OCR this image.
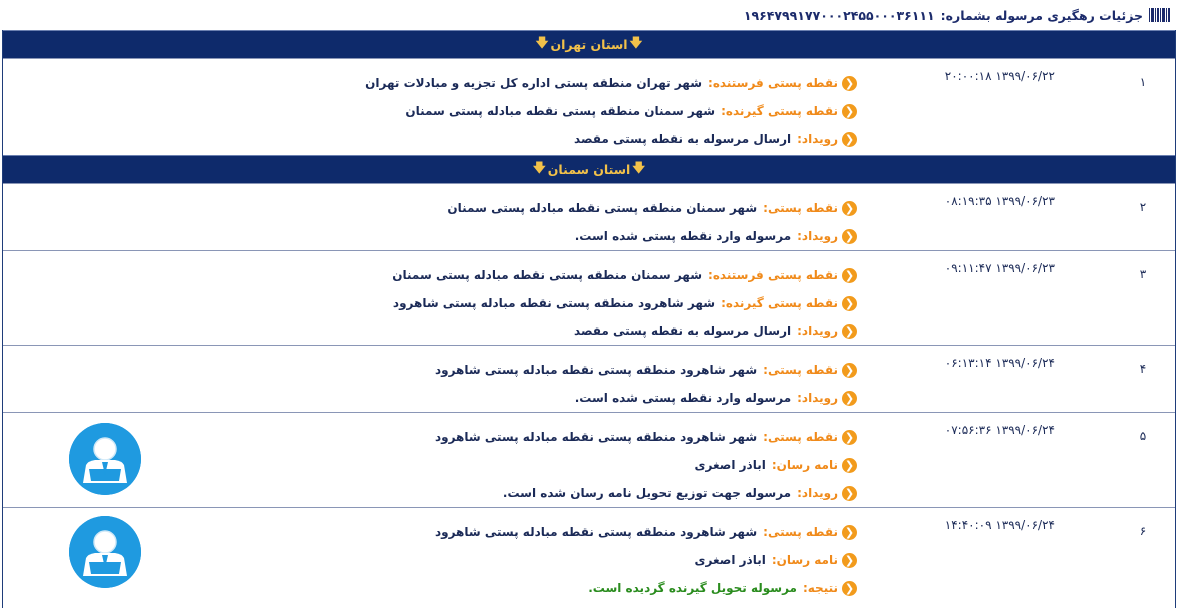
جزئیات رهگیری مرسوله بشماره:
۱۹۶۴۷۹۹۱۷۷۰۰۰۲۴۵۵۰۰۰۳۶۱۱۱
🡇
استان تهران
🡇
۱
۲۰:۰۰:۱۸ ۱۳۹۹/۰۶/۲۲
❮
نقطه پستی فرستنده:
شهر تهران منطقه پستی اداره کل تجزیه و مبادلات تهران
❮
نقطه پستی گیرنده:
شهر سمنان منطقه پستی نقطه مبادله پستی سمنان
❮
رویداد:
ارسال مرسوله به نقطه پستی مقصد
🡇
استان سمنان
🡇
۲
۰۸:۱۹:۳۵ ۱۳۹۹/۰۶/۲۳
❮
نقطه پستی:
شهر سمنان منطقه پستی نقطه مبادله پستی سمنان
❮
رویداد:
مرسوله وارد نقطه پستی شده است.
۳
۰۹:۱۱:۴۷ ۱۳۹۹/۰۶/۲۳
❮
نقطه پستی فرستنده:
شهر سمنان منطقه پستی نقطه مبادله پستی سمنان
❮
نقطه پستی گیرنده:
شهر شاهرود منطقه پستی نقطه مبادله پستی شاهرود
❮
رویداد:
ارسال مرسوله به نقطه پستی مقصد
۴
۰۶:۱۳:۱۴ ۱۳۹۹/۰۶/۲۴
❮
نقطه پستی:
شهر شاهرود منطقه پستی نقطه مبادله پستی شاهرود
❮
رویداد:
مرسوله وارد نقطه پستی شده است.
۵
۰۷:۵۶:۳۶ ۱۳۹۹/۰۶/۲۴
❮
نقطه پستی:
شهر شاهرود منطقه پستی نقطه مبادله پستی شاهرود
❮
نامه رسان:
اباذر اصغری
❮
رویداد:
مرسوله جهت توزیع تحویل نامه رسان شده است.
۶
۱۴:۴۰:۰۹ ۱۳۹۹/۰۶/۲۴
❮
نقطه پستی:
شهر شاهرود منطقه پستی نقطه مبادله پستی شاهرود
❮
نامه رسان:
اباذر اصغری
❮
نتیجه:
مرسوله تحویل گیرنده گردیده است.
